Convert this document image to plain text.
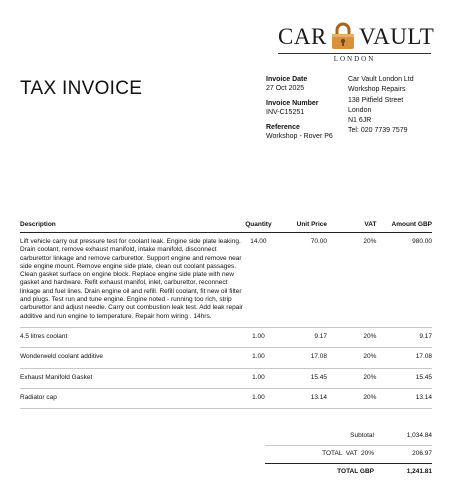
CAR VAULT
LONDON
TAX INVOICE	Invoice Date
27 Oct 2025
Invoice Number
INV-C15251
Reference
Workshop - Rover P6
Car Vault London Ltd
Workshop Repairs
138 Pitfield Street
London
N1 6JR
Tel: 020 7739 7579
Description	Quantity	Unit Price	VAT	Amount GBP
Lift vehicle carry out pressure test for coolant leak. Engine side plate leaking.
Drain coolant, remove exhaust manifold, intake manifold, disconnect carburettor linkage and remove carburettor. Support engine and remove near side engine mount. Remove engine side plate, clean out coolant passages. Clean gasket surface on engine block. Replace engine side plate with new gasket and hardware. Refit exhaust manifol, inlet, carburettor, reconnect linkage and fuel lines. Drain engine oil and refill. Refill coolant, fit new oil filter and plugs. Test run and tune engine. Engine noted - running too rich, strip carburettor and adjust needle. Carry out combustion leak test. Add leak repair additive and run engine to temperature. Repair horn wiring . 14hrs.	14.00	70.00	20%	980.00
4.5 litres coolant	1.00	9.17	20%	9.17
Wonderweld coolant additive	1.00	17.08	20%	17.08
Exhaust Manifold Gasket	1.00	15.45	20%	15.45
Radiator cap	1.00	13.14	20%	13.14
Subtotal	1,034.84
TOTAL  VAT  20%	206.97
TOTAL GBP	1,241.81
